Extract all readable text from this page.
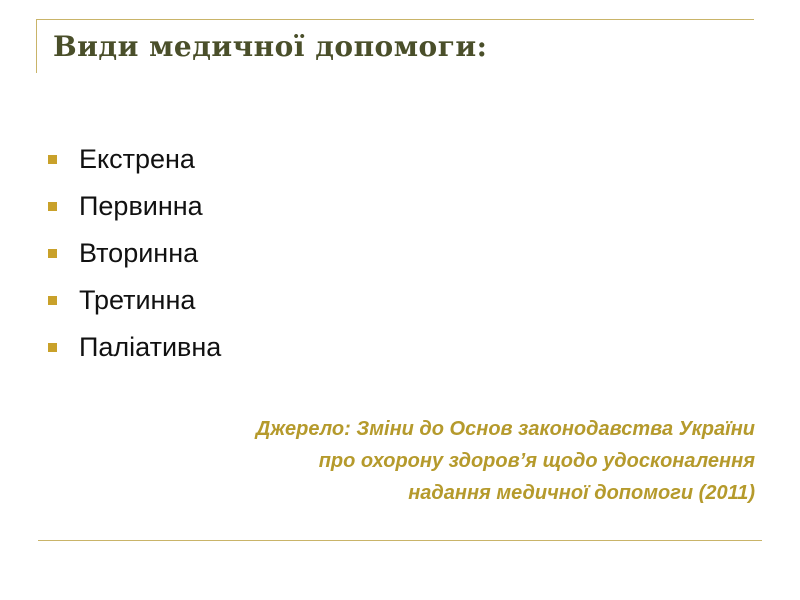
Види медичної допомоги:
Екстрена
Первинна
Вторинна
Третинна
Паліативна

Джерело: Зміни до Основ законодавства України
про охорону здоров’я щодо удосконалення
надання медичної допомоги (2011)
